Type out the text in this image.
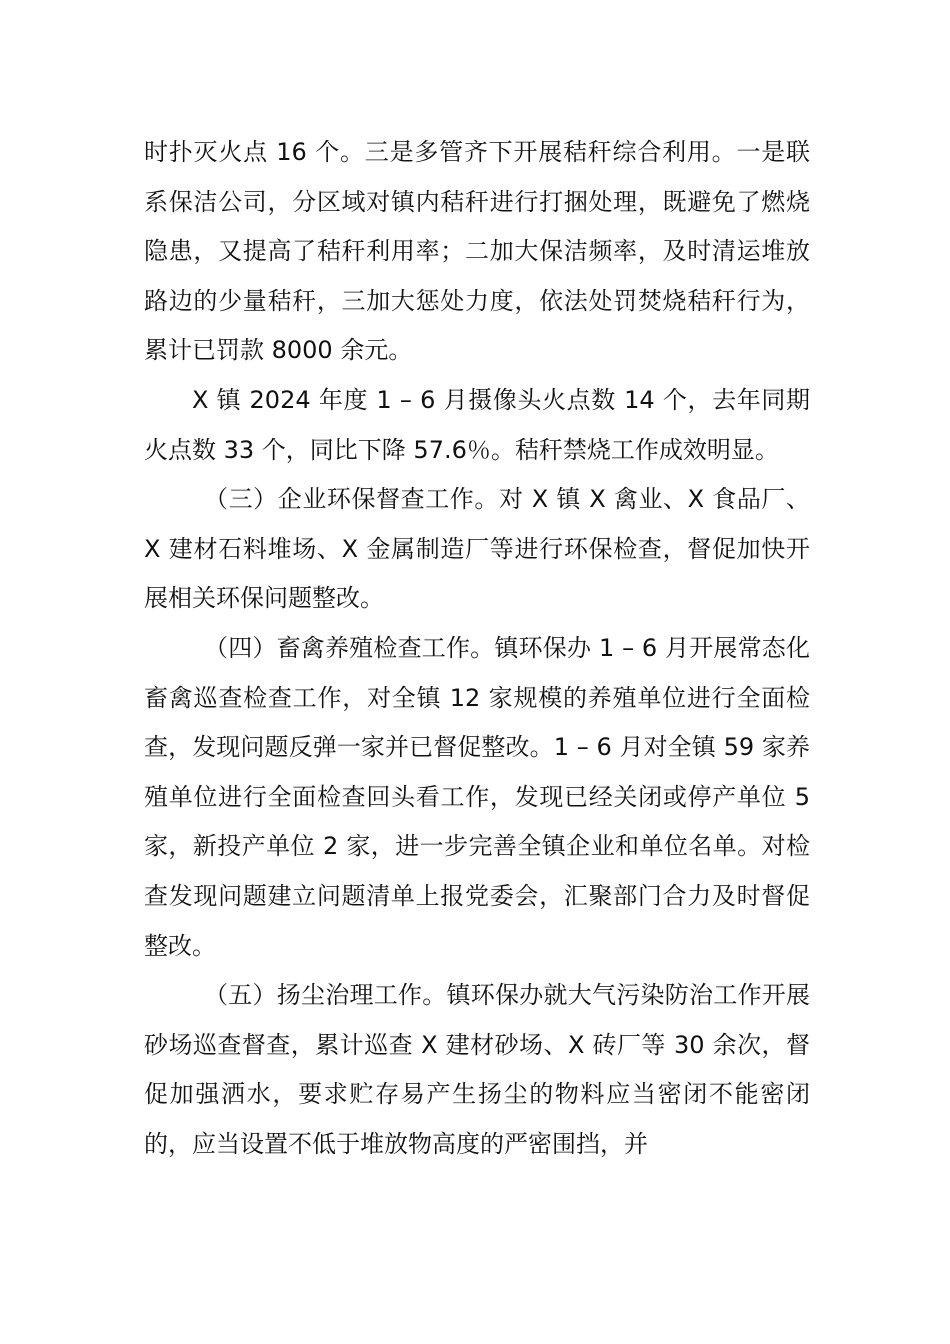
时扑灭火点 16 个。三是多管齐下开展秸秆综合利用。一是联系保洁公司，分区域对镇内秸秆进行打捆处理，既避免了燃烧隐患，又提高了秸秆利用率；二加大保洁频率，及时清运堆放路边的少量秸秆，三加大惩处力度，依法处罚焚烧秸秆行为，累计已罚款 8000 余元。

X 镇 2024 年度 1 – 6 月摄像头火点数 14 个，去年同期火点数 33 个，同比下降 57.6％。秸秆禁烧工作成效明显。

（三）企业环保督查工作。对 X 镇 X 禽业、X 食品厂、X 建材石料堆场、X 金属制造厂等进行环保检查，督促加快开展相关环保问题整改。

（四）畜禽养殖检查工作。镇环保办 1 – 6 月开展常态化畜禽巡查检查工作，对全镇 12 家规模的养殖单位进行全面检查，发现问题反弹一家并已督促整改。1 – 6 月对全镇 59 家养殖单位进行全面检查回头看工作，发现已经关闭或停产单位 5 家，新投产单位 2 家，进一步完善全镇企业和单位名单。对检查发现问题建立问题清单上报党委会，汇聚部门合力及时督促整改。

（五）扬尘治理工作。镇环保办就大气污染防治工作开展砂场巡查督查，累计巡查 X 建材砂场、X 砖厂等 30 余次，督促加强洒水，要求贮存易产生扬尘的物料应当密闭不能密闭的，应当设置不低于堆放物高度的严密围挡，并
